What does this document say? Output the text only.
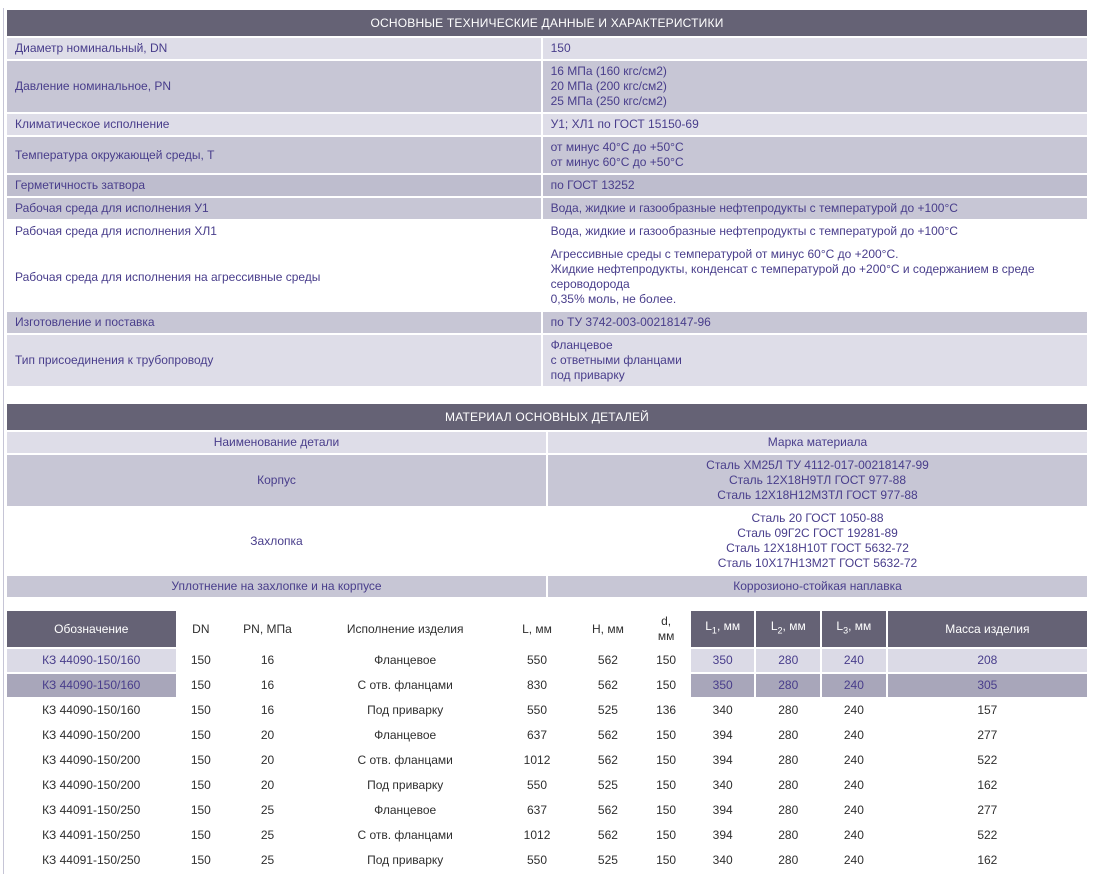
ОСНОВНЫЕ ТЕХНИЧЕСКИЕ ДАННЫЕ И ХАРАКТЕРИСТИКИ	
Диаметр номинальный, DN	150

Давление номинальное, PN	16 МПа (160 кгс/см2)
20 МПа (200 кгс/см2)
25 МПа (250 кгс/см2)

Климатическое исполнение	У1; ХЛ1 по ГОСТ 15150-69

Температура окружающей среды, Т	от минус 40°С до +50°С
от минус 60°С до +50°С

Герметичность затвора	по ГОСТ 13252

Рабочая среда для исполнения У1	Вода, жидкие и газообразные нефтепродукты с температурой до +100°С

Рабочая среда для исполнения ХЛ1	Вода, жидкие и газообразные нефтепродукты с температурой до +100°С

Рабочая среда для исполнения на агрессивные среды	Агрессивные среды с температурой от минус 60°С до +200°С.
Жидкие нефтепродукты, конденсат с температурой до +200°С и содержанием в среде сероводорода
0,35% моль, не более.

Изготовление и поставка	по ТУ 3742-003-00218147-96

Тип присоединения к трубопроводу	Фланцевое
с ответными фланцами
под приварку
МАТЕРИАЛ ОСНОВНЫХ ДЕТАЛЕЙ	
Наименование детали	Марка материала
Корпус	Сталь ХМ25Л ТУ 4112-017-00218147-99
Сталь 12Х18Н9ТЛ ГОСТ 977-88
Сталь 12Х18Н12М3ТЛ ГОСТ 977-88

Захлопка	Сталь 20 ГОСТ 1050-88
Сталь 09Г2С ГОСТ 19281-89
Сталь 12Х18Н10Т ГОСТ 5632-72
Сталь 10Х17Н13М2Т ГОСТ 5632-72

Уплотнение на захлопке и на корпусе	Коррозионо-стойкая наплавка
Обозначение	DN	PN, МПа	Исполнение изделия	L, мм	H, мм	d, мм	$L_1$, мм	$L_2$, мм	$L_3$, мм	Масса изделия
КЗ 44090-150/160	150	16	Фланцевое	550	562	150	350	280	240	208
КЗ 44090-150/160	150	16	С отв. фланцами	830	562	150	350	280	240	305
КЗ 44090-150/160	150	16	Под приварку	550	525	136	340	280	240	157
КЗ 44090-150/200	150	20	Фланцевое	637	562	150	394	280	240	277
КЗ 44090-150/200	150	20	С отв. фланцами	1012	562	150	394	280	240	522
КЗ 44090-150/200	150	20	Под приварку	550	525	150	340	280	240	162
КЗ 44091-150/250	150	25	Фланцевое	637	562	150	394	280	240	277
КЗ 44091-150/250	150	25	С отв. фланцами	1012	562	150	394	280	240	522
КЗ 44091-150/250	150	25	Под приварку	550	525	150	340	280	240	162
